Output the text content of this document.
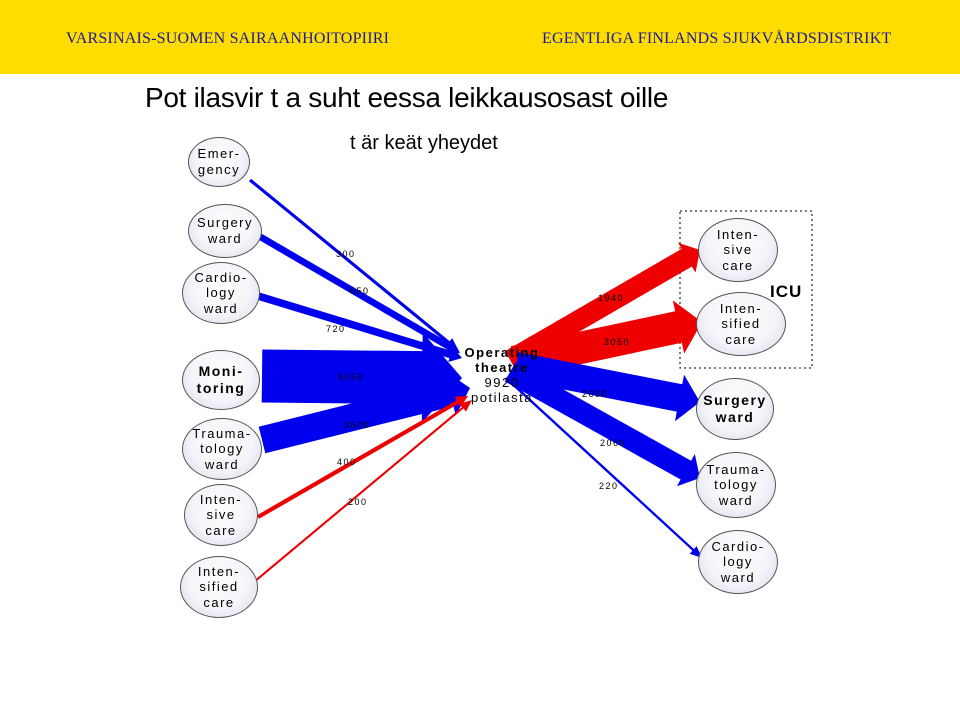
VARSINAIS-SUOMEN SAIRAANHOITOPIIRI	EGENTLIGA FINLANDS SJUKVÅRDSDISTRIKT
Pot ilasvir t a suht eessa leikkausosast oille
t är keät yheydet
Emer-
gency
Surgery
ward
Cardio-
logy
ward
Moni-
toring
Trauma-
tology
ward
Inten-
sive
care
Inten-
sified
care
Operating
theatre
9920
potilasta
Inten-
sive
care
Inten-
sified
care
Surgery
ward
Trauma-
tology
ward
Cardio-
logy
ward
ICU
300
650
720
5050
2600
400
200
1940
3050
2650
2060
220
